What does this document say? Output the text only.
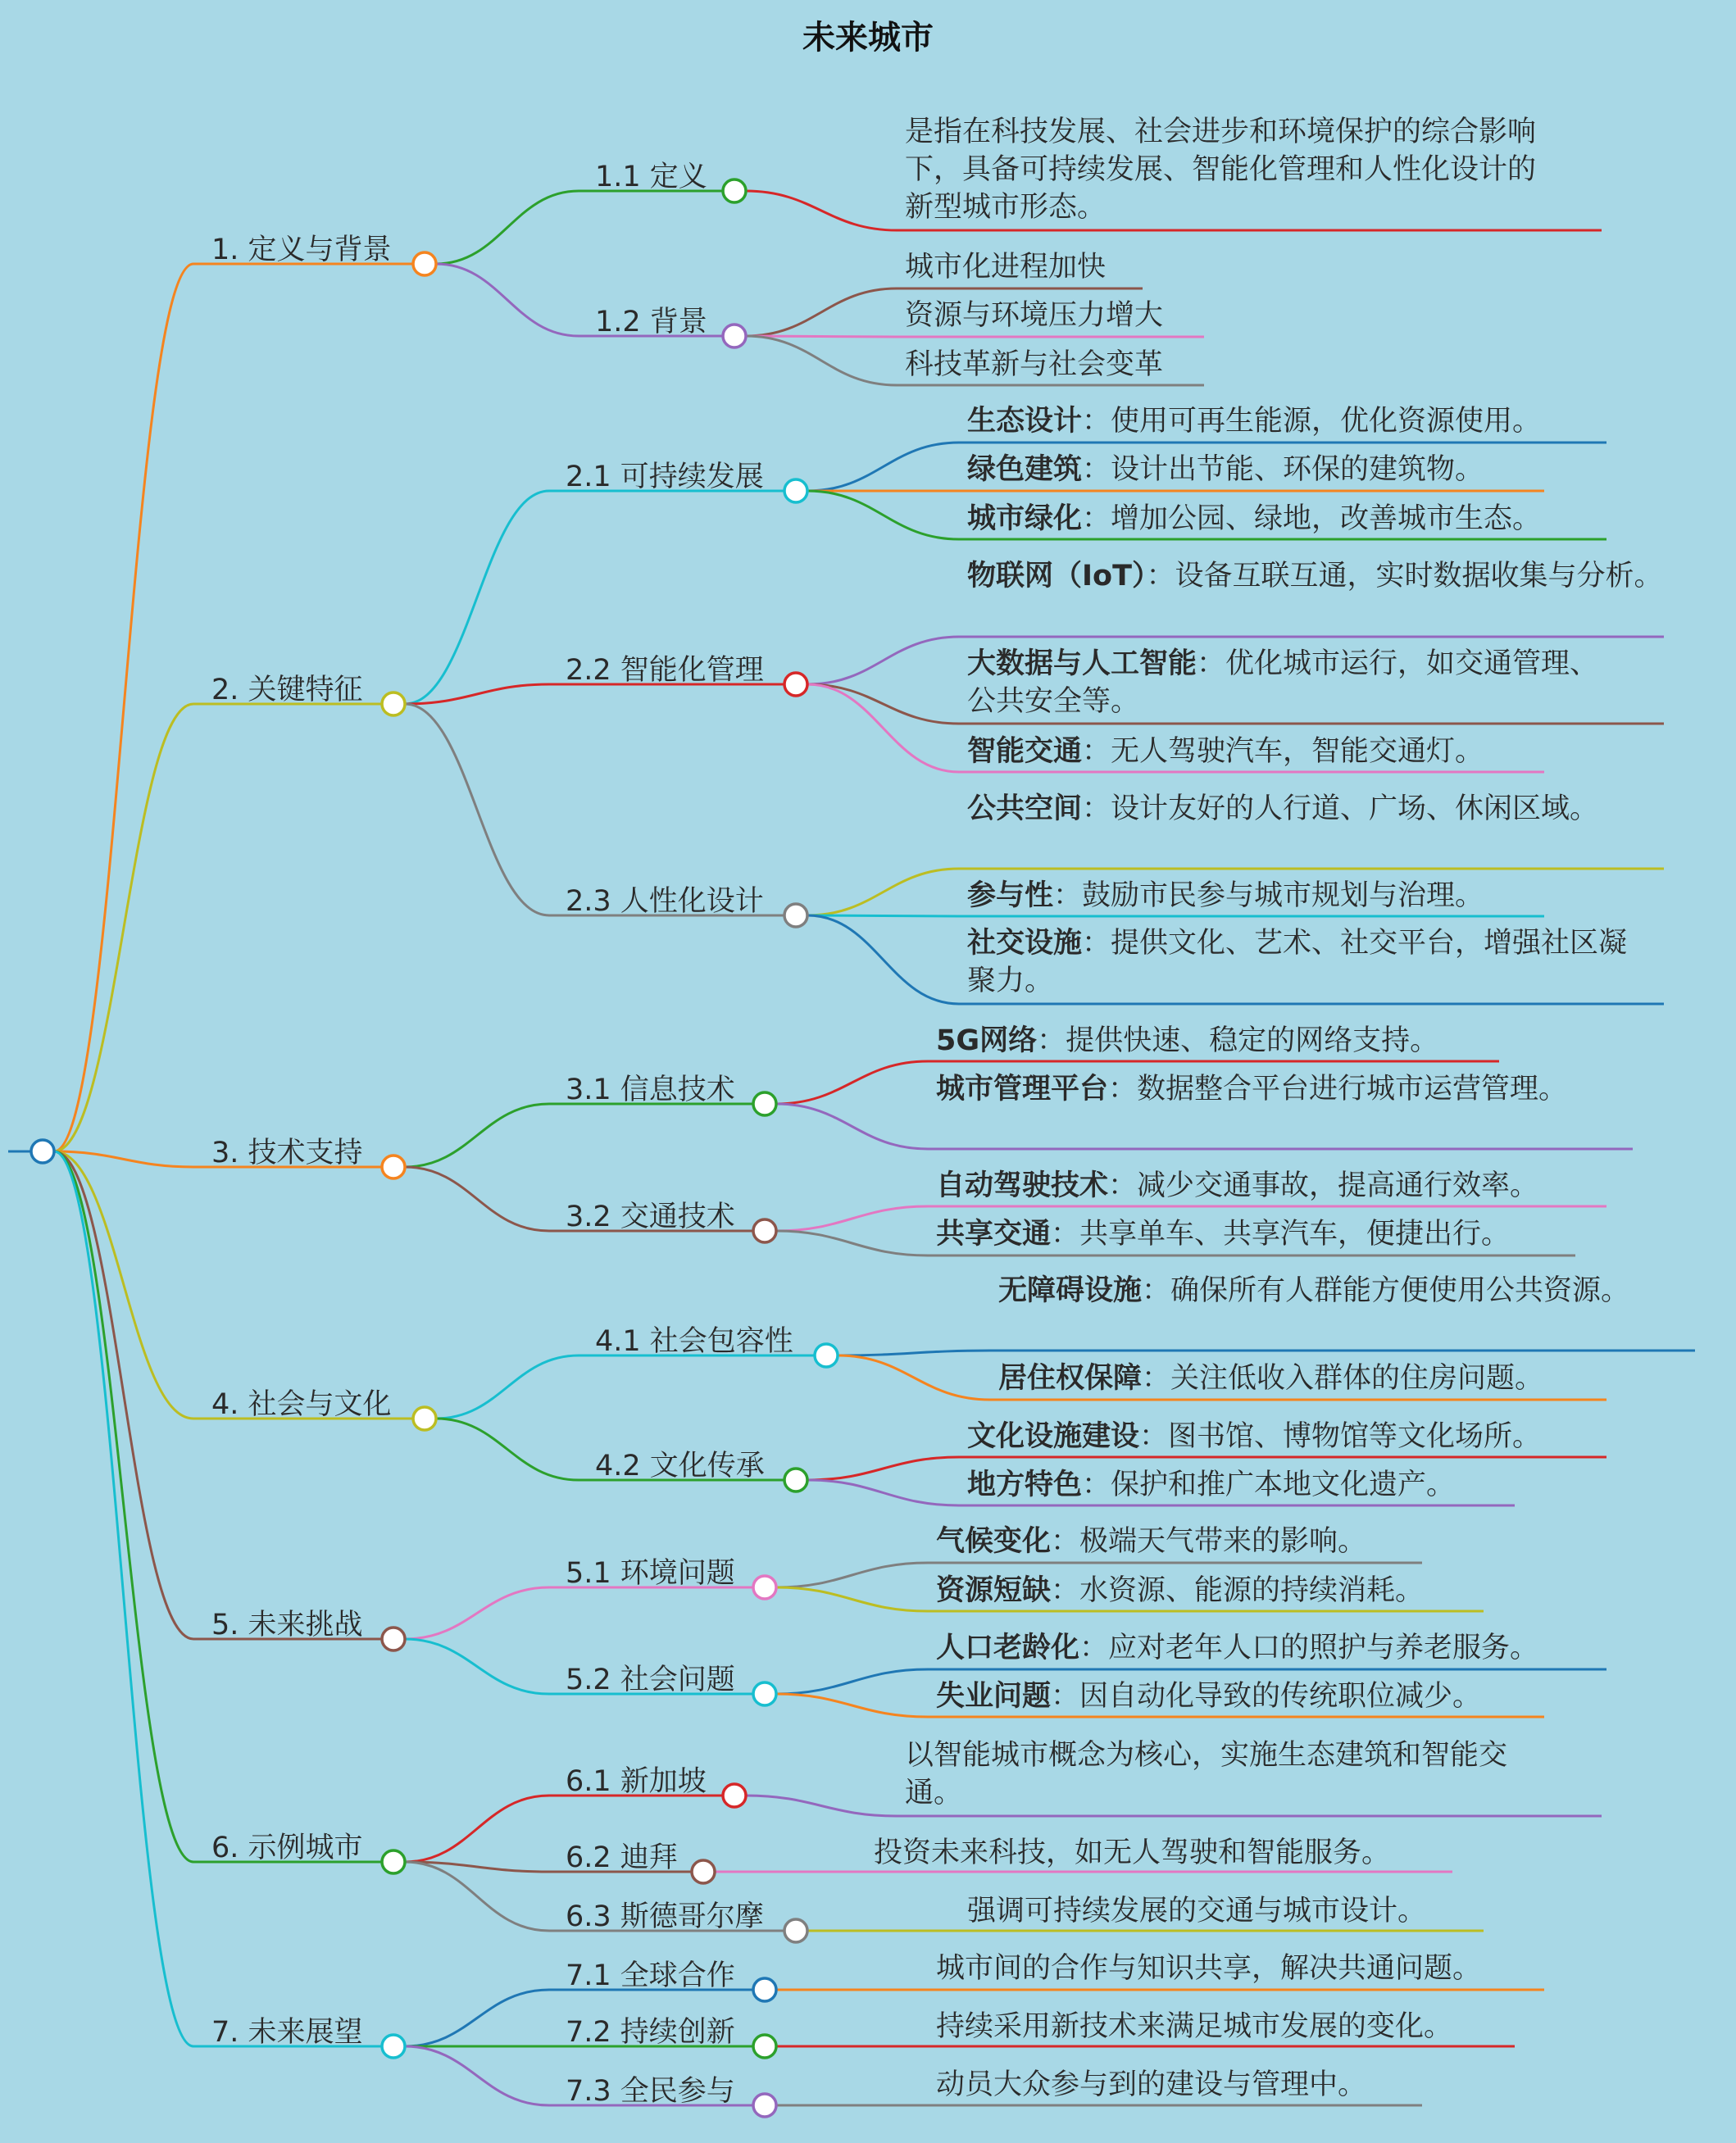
未来城市
1. 定义与背景
1.1 定义
是指在科技发展、社会进步和环境保护的综合影响下，具备可持续发展、智能化管理和人性化设计的新型城市形态。
1.2 背景
城市化进程加快
资源与环境压力增大
科技革新与社会变革
2. 关键特征
2.1 可持续发展
生态设计：使用可再生能源，优化资源使用。
绿色建筑：设计出节能、环保的建筑物。
城市绿化：增加公园、绿地，改善城市生态。
2.2 智能化管理
物联网（IoT）：设备互联互通，实时数据收集与分析。
大数据与人工智能：优化城市运行，如交通管理、公共安全等。
智能交通：无人驾驶汽车，智能交通灯。
2.3 人性化设计
公共空间：设计友好的人行道、广场、休闲区域。
参与性：鼓励市民参与城市规划与治理。
社交设施：提供文化、艺术、社交平台，增强社区凝聚力。
3. 技术支持
3.1 信息技术
5G网络：提供快速、稳定的网络支持。
城市管理平台：数据整合平台进行城市运营管理。
3.2 交通技术
自动驾驶技术：减少交通事故，提高通行效率。
共享交通：共享单车、共享汽车，便捷出行。
4. 社会与文化
4.1 社会包容性
无障碍设施：确保所有人群能方便使用公共资源。
居住权保障：关注低收入群体的住房问题。
4.2 文化传承
文化设施建设：图书馆、博物馆等文化场所。
地方特色：保护和推广本地文化遗产。
5. 未来挑战
5.1 环境问题
气候变化：极端天气带来的影响。
资源短缺：水资源、能源的持续消耗。
5.2 社会问题
人口老龄化：应对老年人口的照护与养老服务。
失业问题：因自动化导致的传统职位减少。
6. 示例城市
6.1 新加坡
以智能城市概念为核心，实施生态建筑和智能交通。
6.2 迪拜	投资未来科技，如无人驾驶和智能服务。
6.3 斯德哥尔摩	强调可持续发展的交通与城市设计。
7. 未来展望
7.1 全球合作	城市间的合作与知识共享，解决共通问题。
7.2 持续创新	持续采用新技术来满足城市发展的变化。
7.3 全民参与	动员大众参与到的建设与管理中。
